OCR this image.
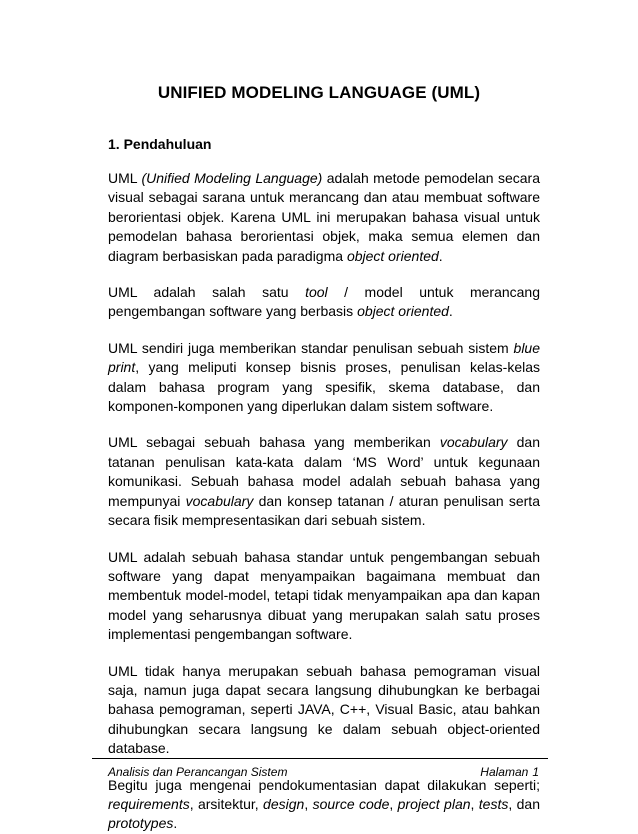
UNIFIED MODELING LANGUAGE (UML)
1. Pendahuluan

UML (Unified Modeling Language) adalah metode pemodelan secara visual sebagai sarana untuk merancang dan atau membuat software berorientasi objek. Karena UML ini merupakan bahasa visual untuk pemodelan bahasa berorientasi objek, maka semua elemen dan diagram berbasiskan pada paradigma object oriented.

UML adalah salah satu tool / model untuk merancang pengembangan software yang berbasis object oriented.

UML sendiri juga memberikan standar penulisan sebuah sistem blue print, yang meliputi konsep bisnis proses, penulisan kelas-kelas dalam bahasa program yang spesifik, skema database, dan komponen-komponen yang diperlukan dalam sistem software.

UML sebagai sebuah bahasa yang memberikan vocabulary dan tatanan penulisan kata-kata dalam ‘MS Word’ untuk kegunaan komunikasi. Sebuah bahasa model adalah sebuah bahasa yang mempunyai vocabulary dan konsep tatanan / aturan penulisan serta secara fisik mempresentasikan dari sebuah sistem.

UML adalah sebuah bahasa standar untuk pengembangan sebuah software yang dapat menyampaikan bagaimana membuat dan membentuk model-model, tetapi tidak menyampaikan apa dan kapan model yang seharusnya dibuat yang merupakan salah satu proses implementasi pengembangan software.

UML tidak hanya merupakan sebuah bahasa pemograman visual saja, namun juga dapat secara langsung dihubungkan ke berbagai bahasa pemograman, seperti JAVA, C++, Visual Basic, atau bahkan dihubungkan secara langsung ke dalam sebuah object-oriented database.

Begitu juga mengenai pendokumentasian dapat dilakukan seperti; requirements, arsitektur, design, source code, project plan, tests, dan prototypes.

Analisis dan Perancangan Sistem	Halaman 1
